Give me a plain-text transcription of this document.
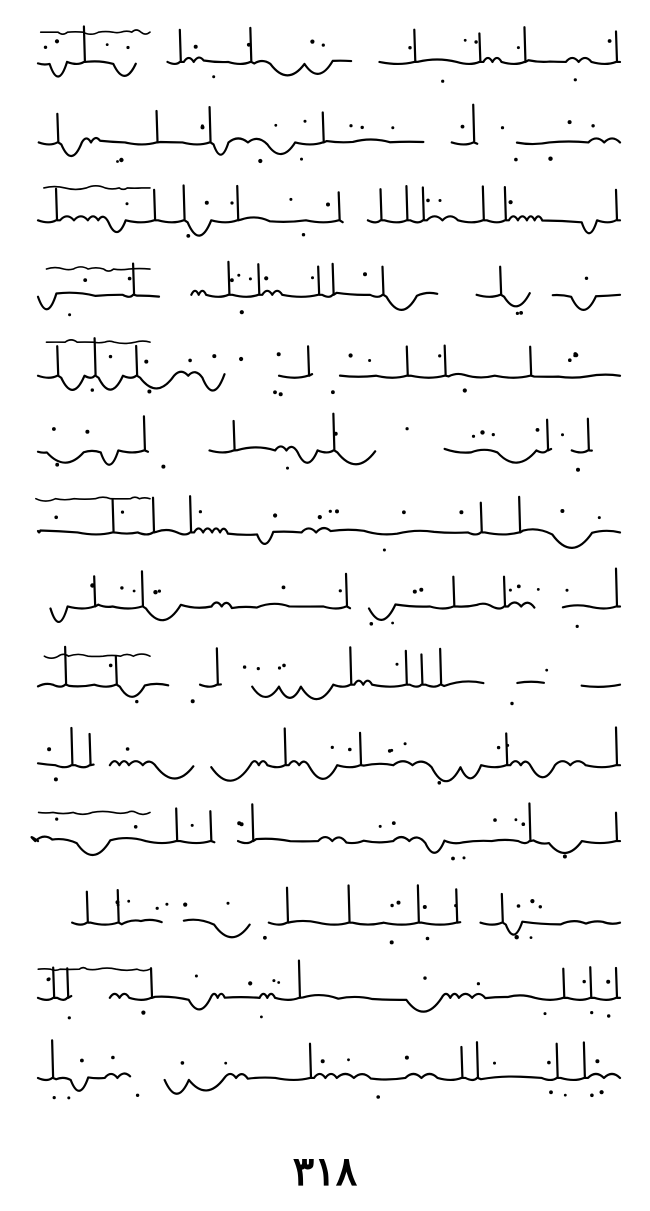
٣١٨
